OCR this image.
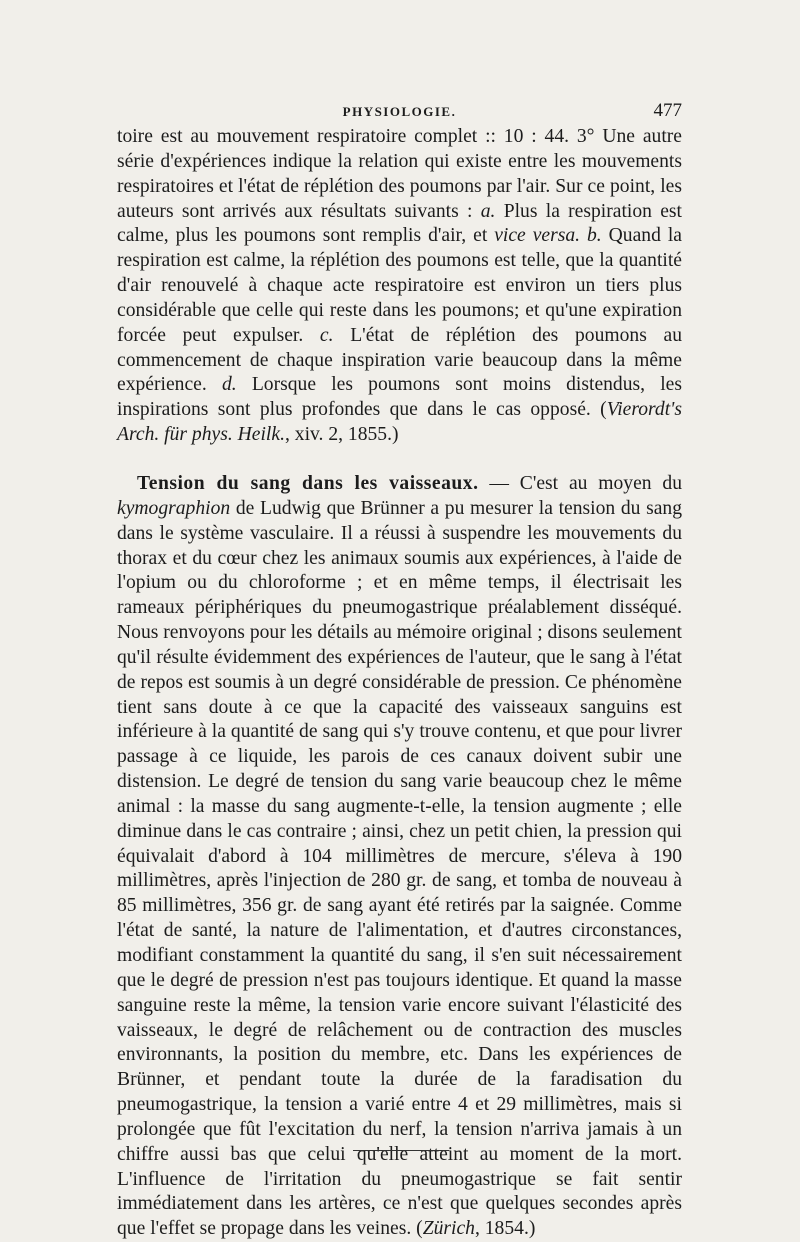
PHYSIOLOGIE.	477

toire est au mouvement respiratoire complet :: 10 : 44. 3° Une autre série d'expériences indique la relation qui existe entre les mouvements respiratoires et l'état de réplétion des poumons par l'air. Sur ce point, les auteurs sont arrivés aux résultats suivants : a. Plus la respiration est calme, plus les poumons sont remplis d'air, et vice versa. b. Quand la respiration est calme, la réplétion des poumons est telle, que la quantité d'air renouvelé à chaque acte respiratoire est environ un tiers plus considérable que celle qui reste dans les poumons; et qu'une expiration forcée peut expulser. c. L'état de réplétion des poumons au commencement de chaque inspiration varie beaucoup dans la même expérience. d. Lorsque les poumons sont moins distendus, les inspirations sont plus profondes que dans le cas opposé. (Vierordt's Arch. für phys. Heilk., xiv. 2, 1855.)

Tension du sang dans les vaisseaux. — C'est au moyen du kymographion de Ludwig que Brünner a pu mesurer la tension du sang dans le système vasculaire. Il a réussi à suspendre les mouvements du thorax et du cœur chez les animaux soumis aux expériences, à l'aide de l'opium ou du chloroforme ; et en même temps, il électrisait les rameaux périphériques du pneumogastrique préalablement disséqué. Nous renvoyons pour les détails au mémoire original ; disons seulement qu'il résulte évidemment des expériences de l'auteur, que le sang à l'état de repos est soumis à un degré considérable de pression. Ce phénomène tient sans doute à ce que la capacité des vaisseaux sanguins est inférieure à la quantité de sang qui s'y trouve contenu, et que pour livrer passage à ce liquide, les parois de ces canaux doivent subir une distension. Le degré de tension du sang varie beaucoup chez le même animal : la masse du sang augmente-t-elle, la tension augmente ; elle diminue dans le cas contraire ; ainsi, chez un petit chien, la pression qui équivalait d'abord à 104 millimètres de mercure, s'éleva à 190 millimètres, après l'injection de 280 gr. de sang, et tomba de nouveau à 85 millimètres, 356 gr. de sang ayant été retirés par la saignée. Comme l'état de santé, la nature de l'alimentation, et d'autres circonstances, modifiant constamment la quantité du sang, il s'en suit nécessairement que le degré de pression n'est pas toujours identique. Et quand la masse sanguine reste la même, la tension varie encore suivant l'élasticité des vaisseaux, le degré de relâchement ou de contraction des muscles environnants, la position du membre, etc. Dans les expériences de Brünner, et pendant toute la durée de la faradisation du pneumogastrique, la tension a varié entre 4 et 29 millimètres, mais si prolongée que fût l'excitation du nerf, la tension n'arriva jamais à un chiffre aussi bas que celui qu'elle atteint au moment de la mort. L'influence de l'irritation du pneumogastrique se fait sentir immédiatement dans les artères, ce n'est que quelques secondes après que l'effet se propage dans les veines. (Zürich, 1854.)
